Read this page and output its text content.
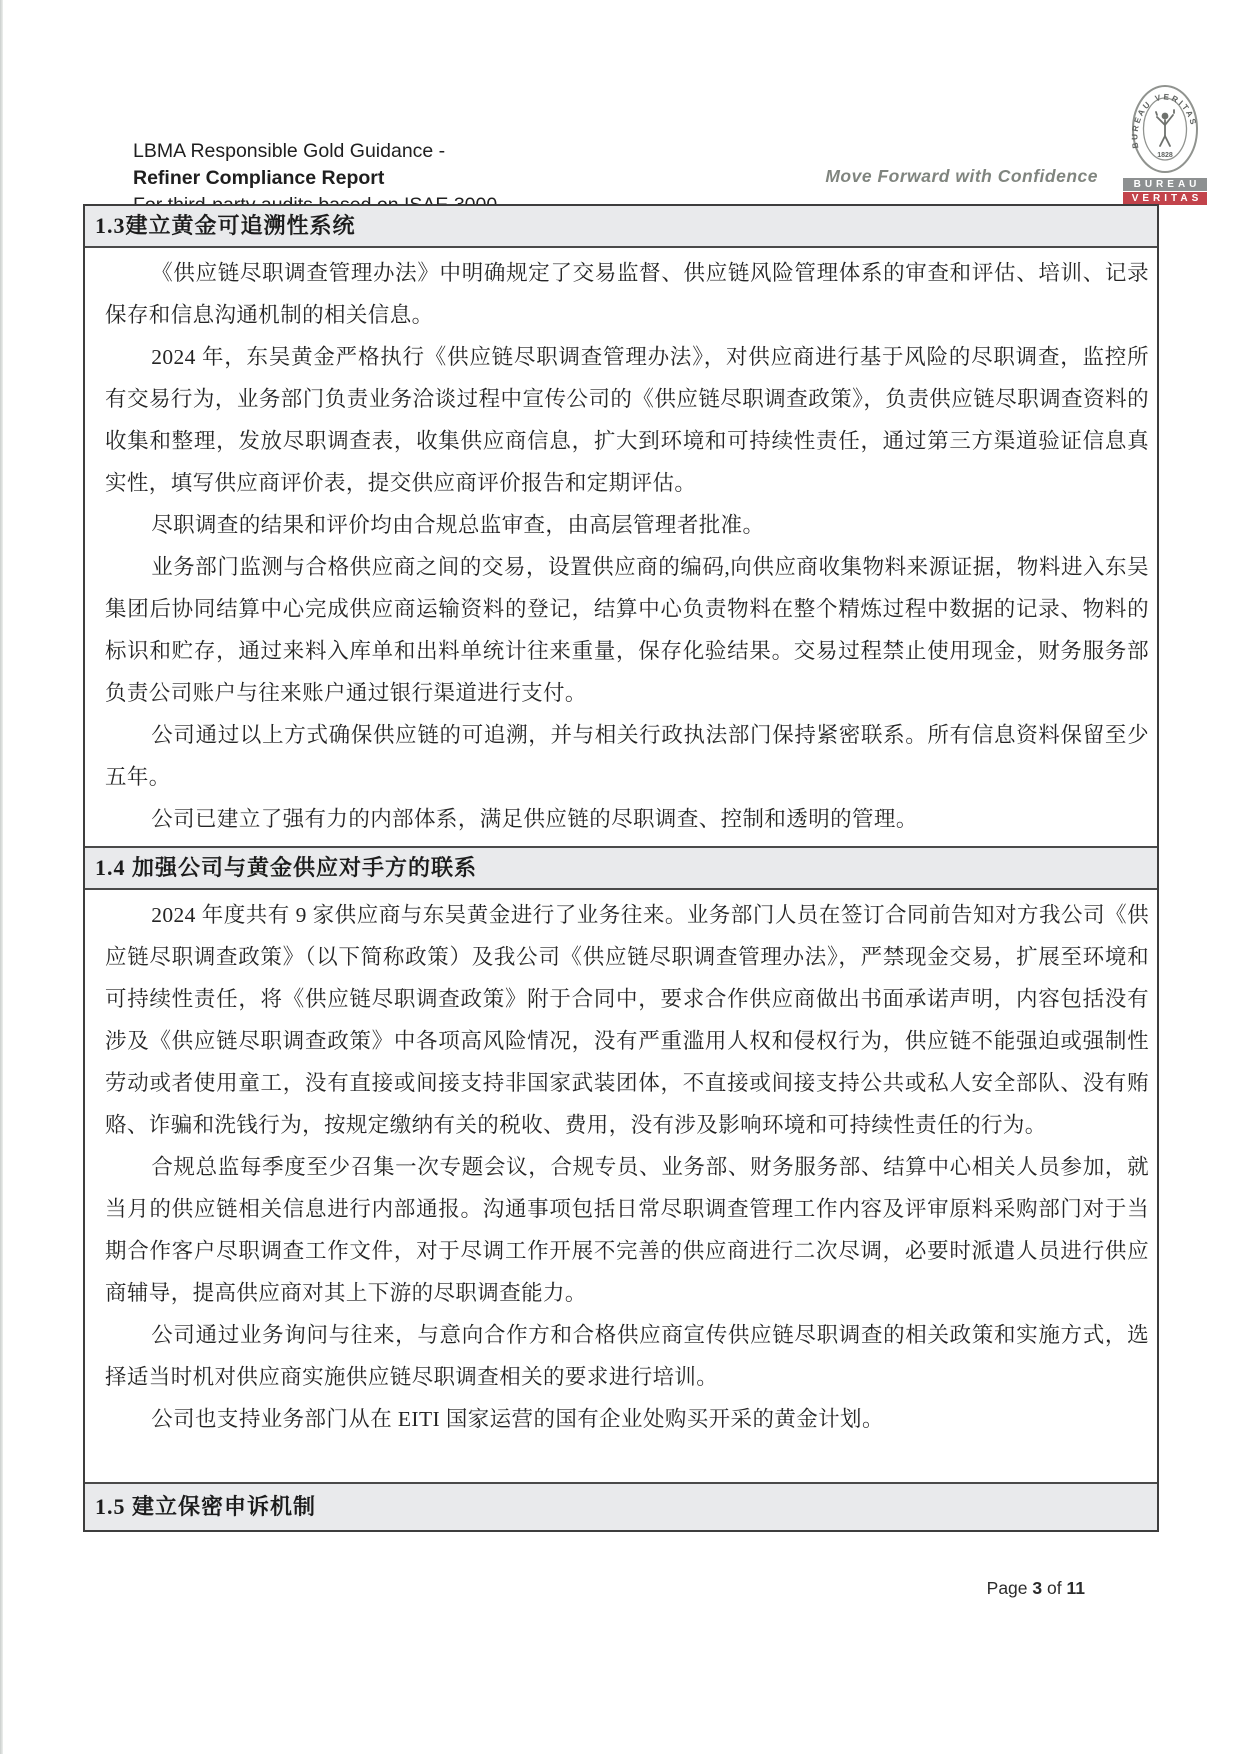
LBMA Responsible Gold Guidance -
Refiner Compliance Report	Move Forward with Confidence
BUREAU VERITAS
1828
BUREAU
VERITAS
1.3建立黄金可追溯性系统

《供应链尽职调查管理办法》中明确规定了交易监督、供应链风险管理体系的审查和评估、培训、记录保存和信息沟通机制的相关信息。

2024 年，东吴黄金严格执行《供应链尽职调查管理办法》，对供应商进行基于风险的尽职调查，监控所有交易行为，业务部门负责业务洽谈过程中宣传公司的《供应链尽职调查政策》，负责供应链尽职调查资料的收集和整理，发放尽职调查表，收集供应商信息，扩大到环境和可持续性责任，通过第三方渠道验证信息真实性，填写供应商评价表，提交供应商评价报告和定期评估。

尽职调查的结果和评价均由合规总监审查，由高层管理者批准。

业务部门监测与合格供应商之间的交易，设置供应商的编码,向供应商收集物料来源证据，物料进入东吴集团后协同结算中心完成供应商运输资料的登记，结算中心负责物料在整个精炼过程中数据的记录、物料的标识和贮存，通过来料入库单和出料单统计往来重量，保存化验结果。交易过程禁止使用现金，财务服务部负责公司账户与往来账户通过银行渠道进行支付。

公司通过以上方式确保供应链的可追溯，并与相关行政执法部门保持紧密联系。所有信息资料保留至少五年。

公司已建立了强有力的内部体系，满足供应链的尽职调查、控制和透明的管理。

1.4 加强公司与黄金供应对手方的联系

2024 年度共有 9 家供应商与东吴黄金进行了业务往来。业务部门人员在签订合同前告知对方我公司《供应链尽职调查政策》（以下简称政策）及我公司《供应链尽职调查管理办法》，严禁现金交易，扩展至环境和可持续性责任，将《供应链尽职调查政策》附于合同中，要求合作供应商做出书面承诺声明，内容包括没有涉及《供应链尽职调查政策》中各项高风险情况，没有严重滥用人权和侵权行为，供应链不能强迫或强制性劳动或者使用童工，没有直接或间接支持非国家武装团体，不直接或间接支持公共或私人安全部队、没有贿赂、诈骗和洗钱行为，按规定缴纳有关的税收、费用，没有涉及影响环境和可持续性责任的行为。

合规总监每季度至少召集一次专题会议，合规专员、业务部、财务服务部、结算中心相关人员参加，就当月的供应链相关信息进行内部通报。沟通事项包括日常尽职调查管理工作内容及评审原料采购部门对于当期合作客户尽职调查工作文件，对于尽调工作开展不完善的供应商进行二次尽调，必要时派遣人员进行供应商辅导，提高供应商对其上下游的尽职调查能力。

公司通过业务询问与往来，与意向合作方和合格供应商宣传供应链尽职调查的相关政策和实施方式，选择适当时机对供应商实施供应链尽职调查相关的要求进行培训。

公司也支持业务部门从在 EITI 国家运营的国有企业处购买开采的黄金计划。

1.5 建立保密申诉机制
Page 3 of 11
